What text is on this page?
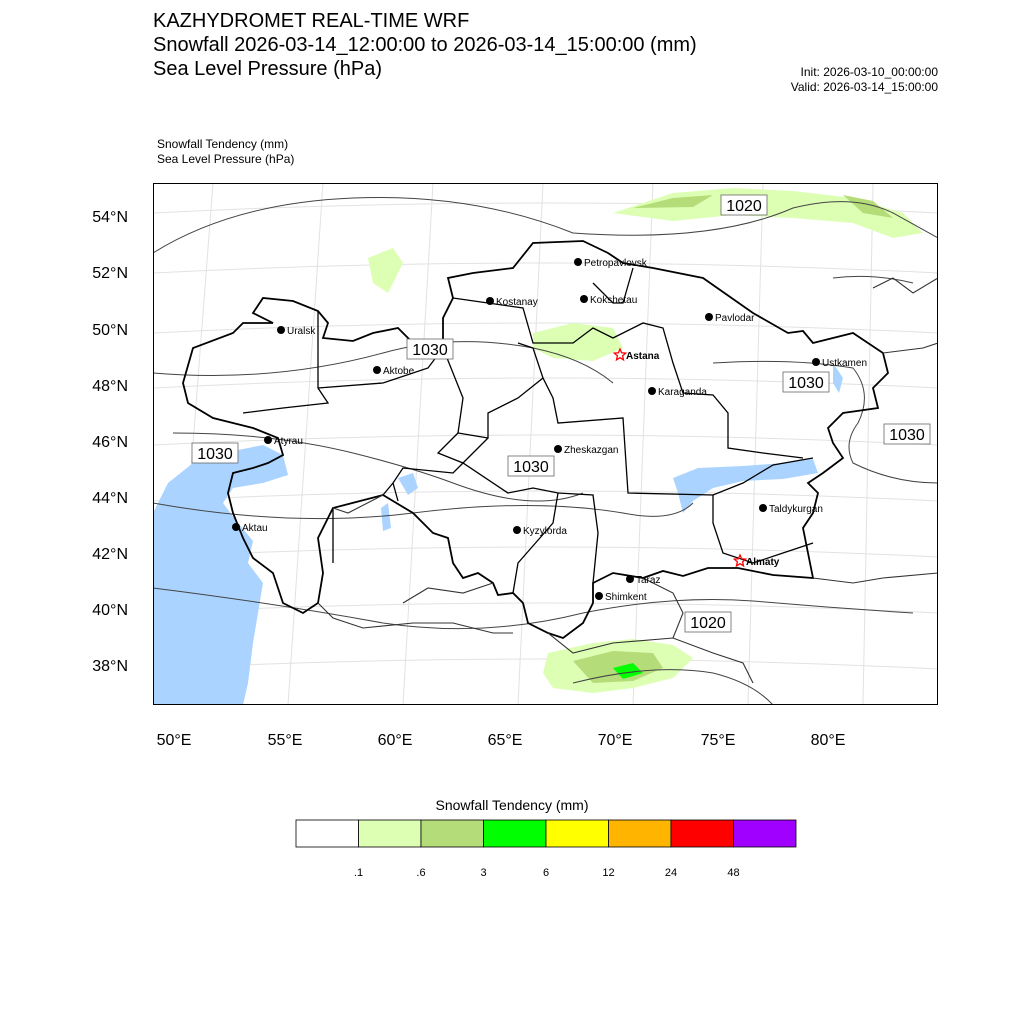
KAZHYDROMET REAL-TIME WRF
Snowfall 2026-03-14_12:00:00 to 2026-03-14_15:00:00 (mm)
Sea Level Pressure (hPa)	Init: 2026-03-10_00:00:00
Valid: 2026-03-14_15:00:00
Snowfall Tendency (mm)
Sea Level Pressure (hPa)
1020
1030
1030
1030
1030
1030
1020
Petropavlovsk
Kostanay	Kokshetau
Uralsk
Astana
Pavlodar
Aktobe
Ustkamen
Karaganda
Atyrau
Zheskazgan
Taldykurgan
Aktau	Kyzylorda
Almaty
Taraz
Shimkent
54°N
52°N
50°N
48°N
46°N
44°N
42°N
40°N
38°N
50°E	55°E	60°E	65°E	70°E	75°E	80°E
Snowfall Tendency (mm)
.1	.6	3	6	12	24	48
